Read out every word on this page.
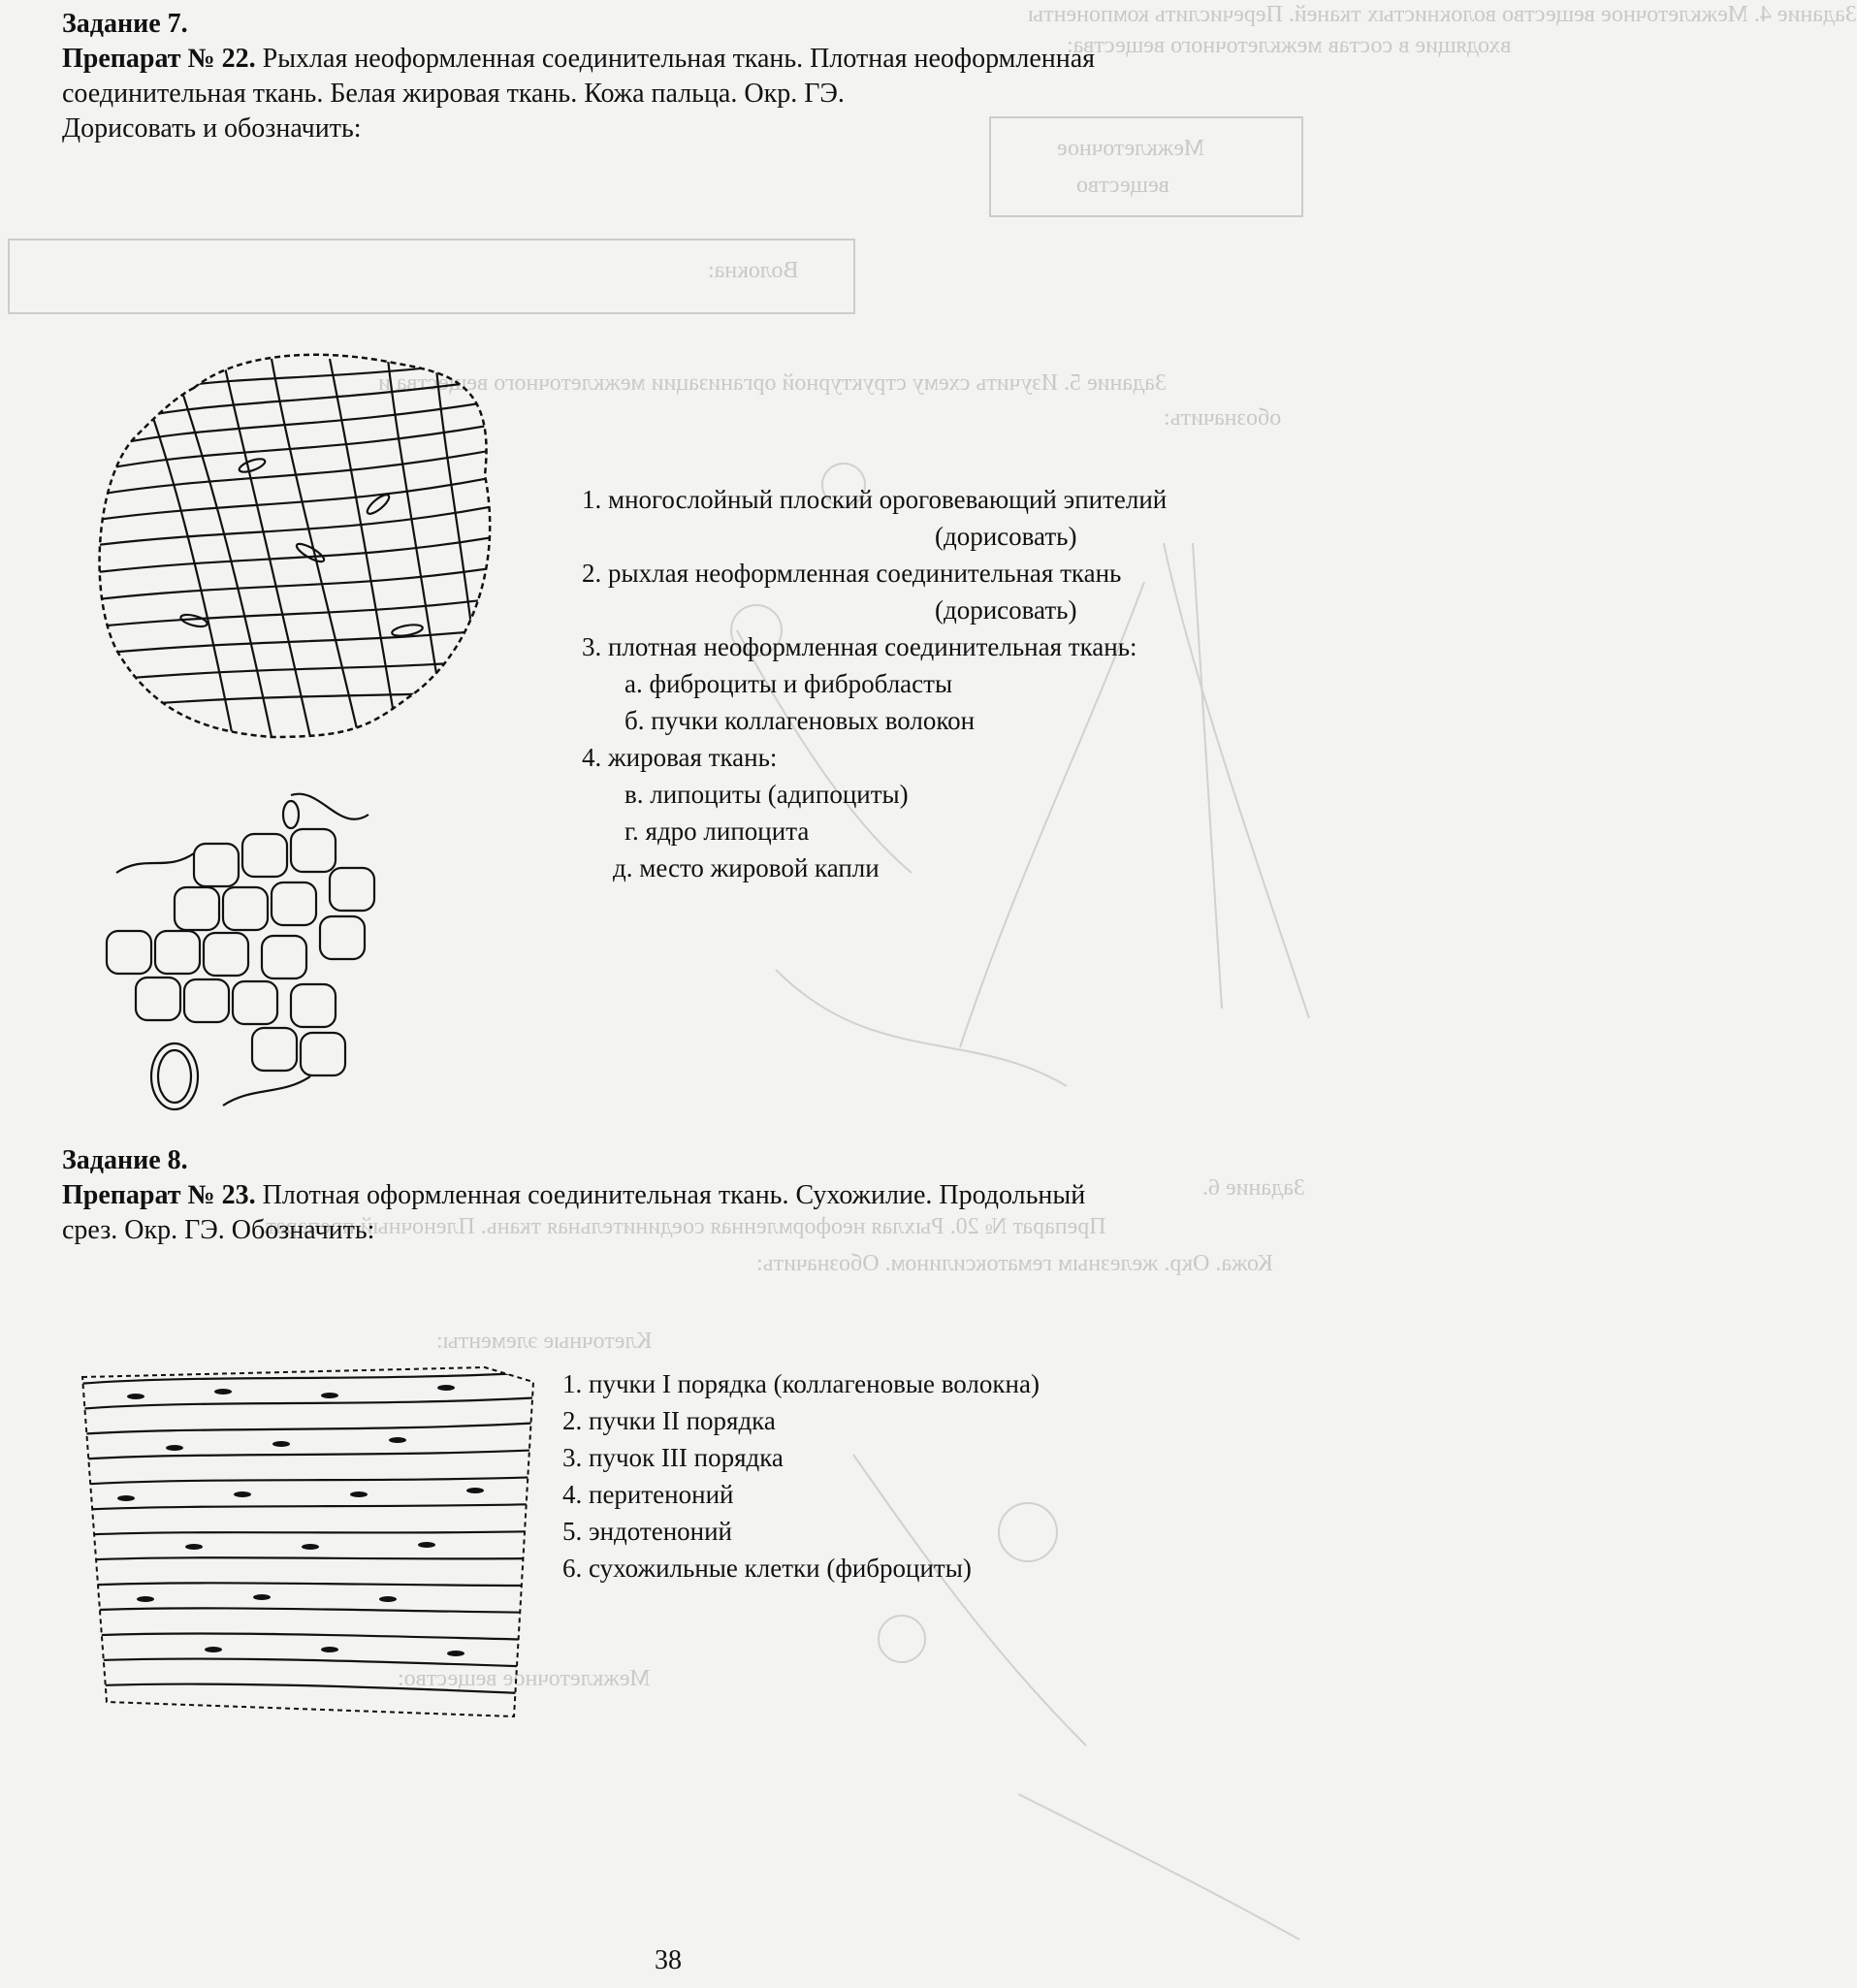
Задание 4. Межклеточное вещество волокнистых тканей. Перечислить компоненты
входящие в состав межклеточного вещества:
Межклеточное
вещество
Волокна:
Задание 5. Изучить схему структурной организации межклеточного вещества и
обозначить:
Задание 6.
Препарат № 20. Рыхлая неоформленная соединительная ткань. Пленочный препарат.
Кожа. Окр. железным гематоксилином. Обозначить:
Клеточные элементы:
Межклеточное вещество:
Задание 7.
Препарат № 22. Рыхлая неоформленная соединительная ткань. Плотная неоформленная
соединительная ткань. Белая жировая ткань. Кожа пальца. Окр. ГЭ.
Дорисовать и обозначить:
1. многослойный плоский ороговевающий эпителий
(дорисовать)
2. рыхлая неоформленная соединительная ткань
(дорисовать)
3. плотная неоформленная соединительная ткань:
а. фиброциты и фибробласты
б. пучки коллагеновых волокон
4. жировая ткань:
в. липоциты (адипоциты)
г. ядро липоцита
д. место жировой капли
Задание 8.
Препарат № 23. Плотная оформленная соединительная ткань. Сухожилие. Продольный
срез. Окр. ГЭ. Обозначить:
1. пучки I порядка (коллагеновые волокна)
2. пучки II порядка
3. пучок III порядка
4. перитеноний
5. эндотеноний
6. сухожильные клетки (фиброциты)
38
